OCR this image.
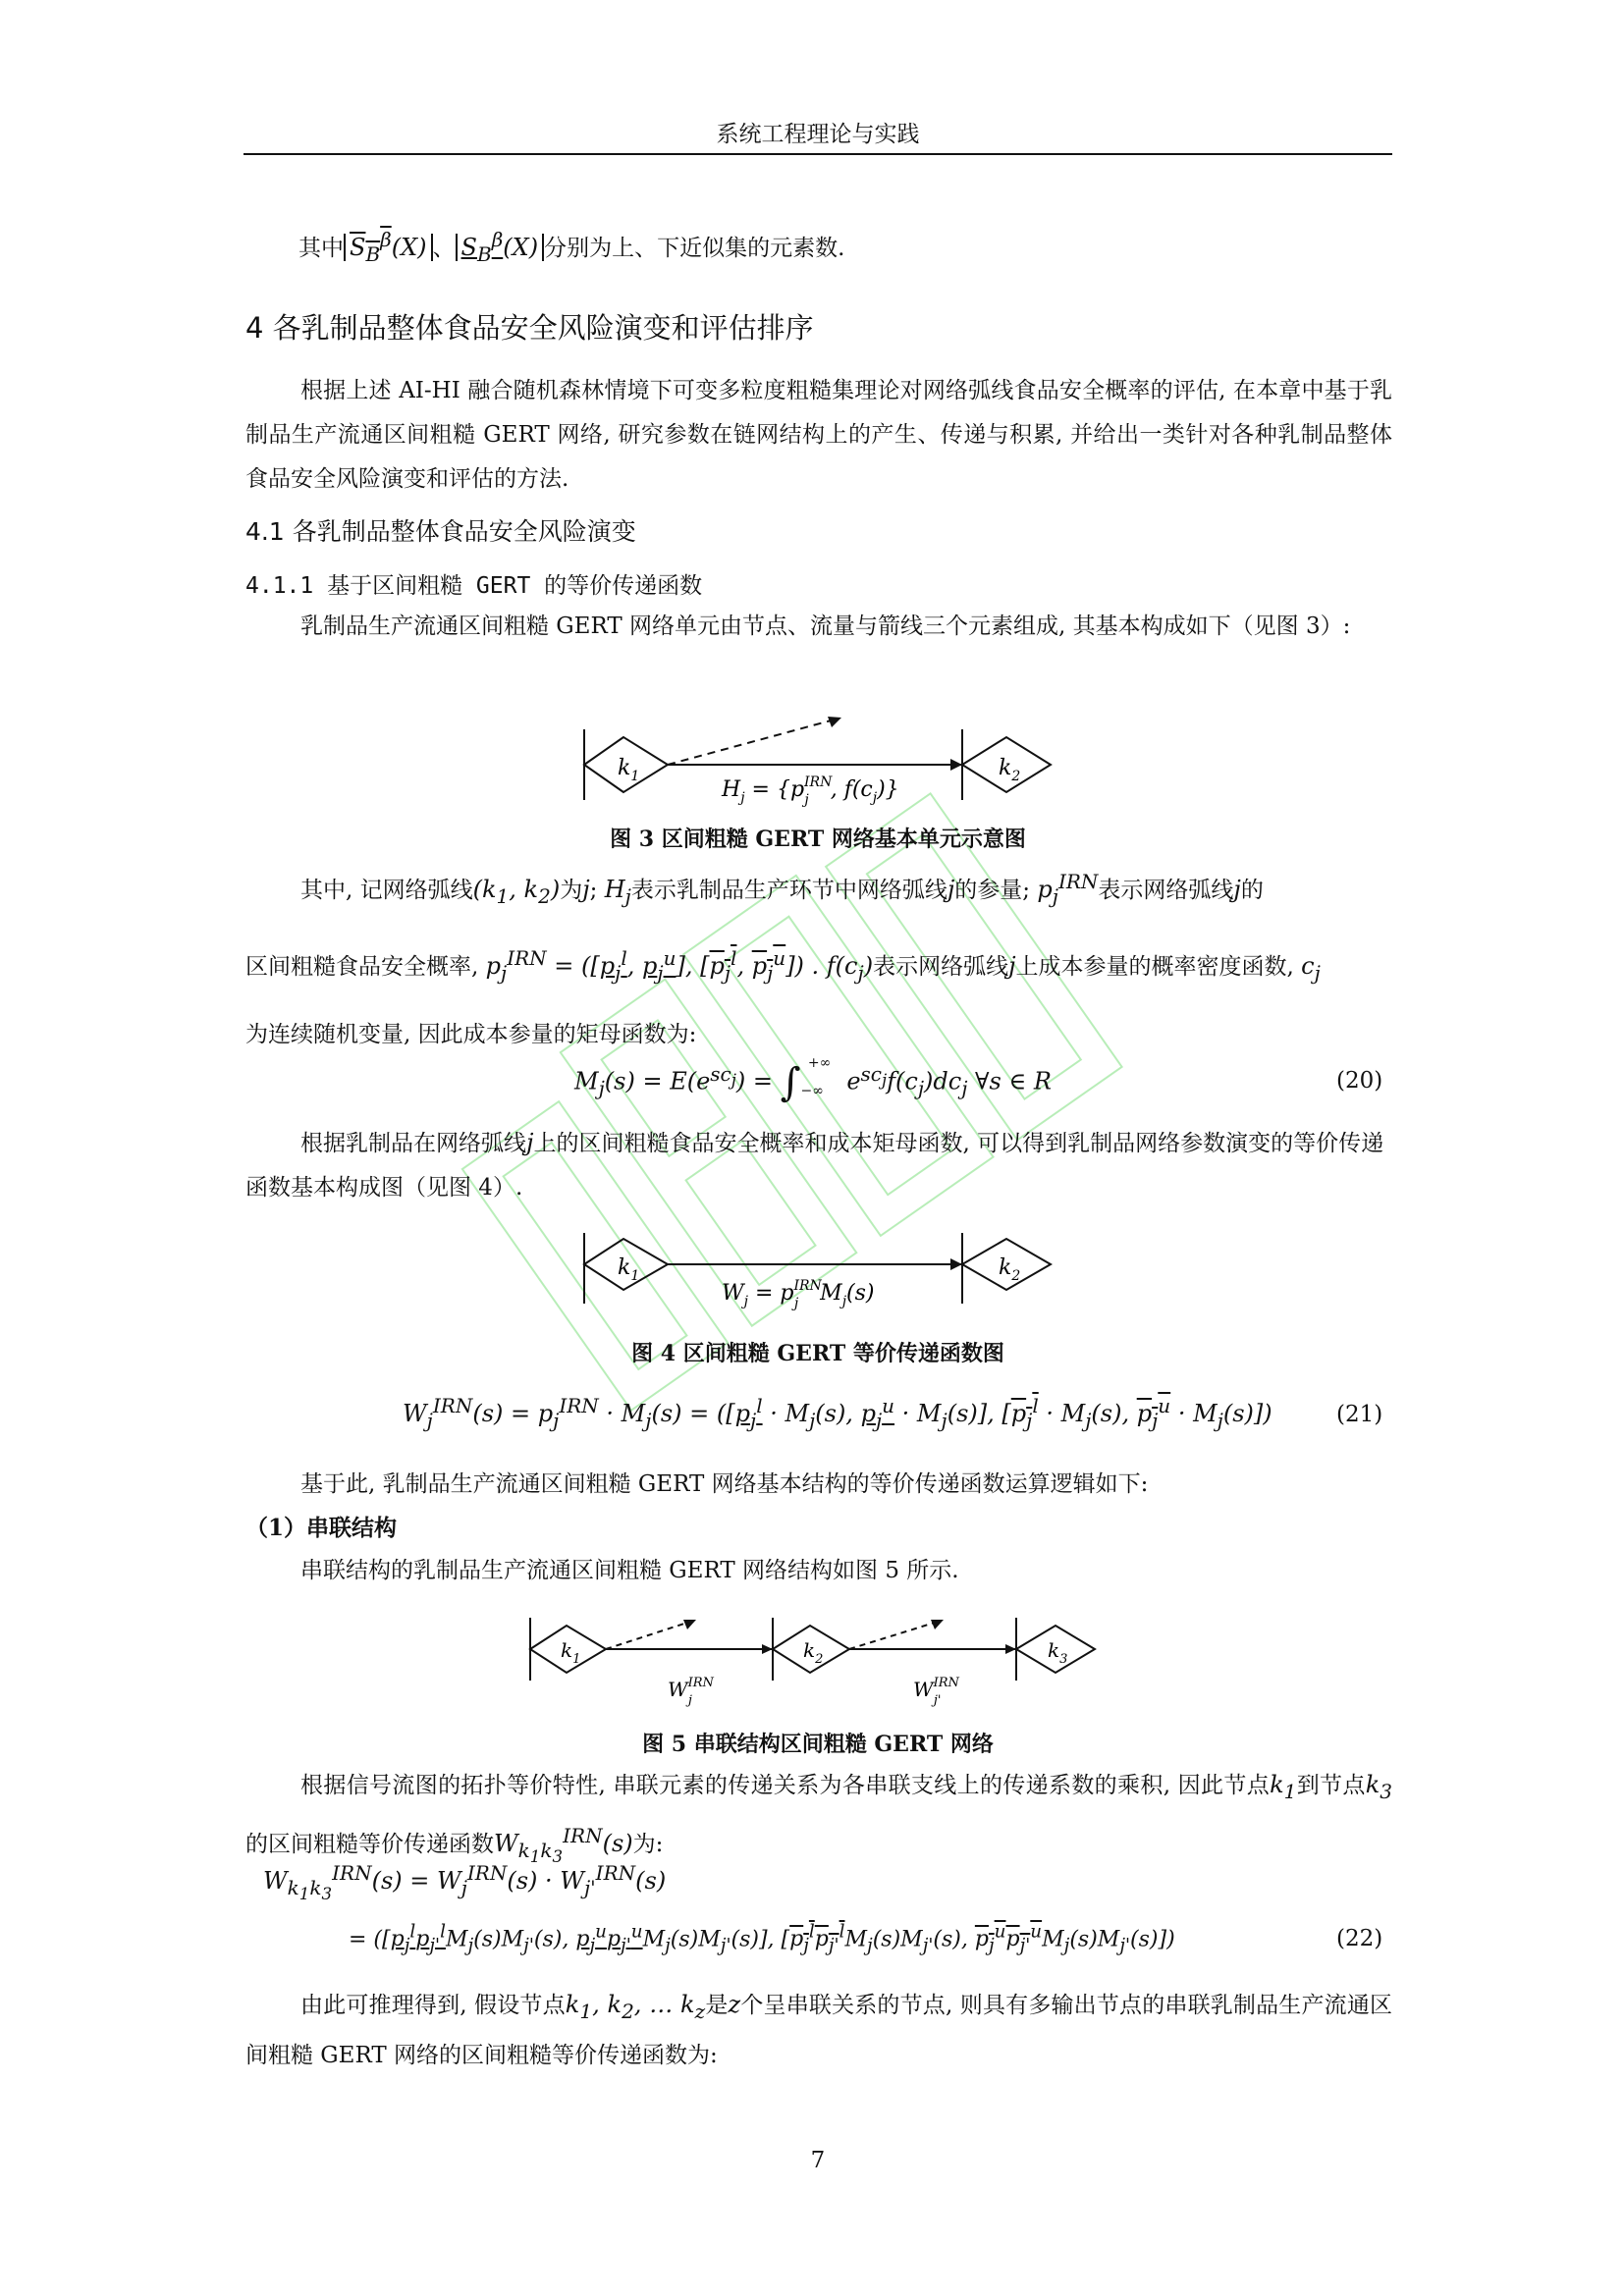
系统工程理论与实践
其中 $S_B^\beta(X)$ 、 $S_B^\beta(X)$ 分别为上、下近似集的元素数.
4 各乳制品整体食品安全风险演变和评估排序
根据上述 AI-HI 融合随机森林情境下可变多粒度粗糙集理论对网络弧线食品安全概率的评估, 在本章中基于乳制品生产流通区间粗糙 GERT 网络, 研究参数在链网结构上的产生、传递与积累, 并给出一类针对各种乳制品整体食品安全风险演变和评估的方法.
4.1 各乳制品整体食品安全风险演变
4.1.1 基于区间粗糙 GERT 的等价传递函数
乳制品生产流通区间粗糙 GERT 网络单元由节点、流量与箭线三个元素组成, 其基本构成如下（见图 3）:
$k_1$	$k_2$
$H_j = \{p^{IRN}$ j , $f(c_j)$}
图 3 区间粗糙 GERT 网络基本单元示意图
其中, 记网络弧线($k_1$, $k_2$)为j; $H_j$表示乳制品生产环节中网络弧线j的参量; $p_j^{IRN}$表示网络弧线j的
区间粗糙食品安全概率, $p_j^{IRN} = ([p_j^l$, $p_j^u$], [$p_j^l$, $p_j^u$]) . $f(c_j)$表示网络弧线j上成本参量的概率密度函数, $c_j$
为连续随机变量, 因此成本参量的矩母函数为:
$M_j(s) = E(e^{sc_j}) = \int_{-\infty}^{+\infty}e^{sc_j}f(c_j)dc_j$ ∀s ∈ R	(20)
根据乳制品在网络弧线j上的区间粗糙食品安全概率和成本矩母函数, 可以得到乳制品网络参数演变的等价传递函数基本构成图（见图 4）.
$k_1$	$k_2$
$W_j = p^{IRN}$ j $M_j(s)$
图 4 区间粗糙 GERT 等价传递函数图
$W_j^{IRN}(s) = p_j^{IRN} \cdot M_j(s) = ([p_j^l \cdot M_j(s)$, $p_j^u \cdot M_j(s)$], [$p_j^l \cdot M_j(s)$, $p_j^u \cdot M_j(s)$])	(21)
基于此, 乳制品生产流通区间粗糙 GERT 网络基本结构的等价传递函数运算逻辑如下:
（1）串联结构
串联结构的乳制品生产流通区间粗糙 GERT 网络结构如图 5 所示.
$k_1$
$W^{IRN}$ j
$k_2$
$W^{IRN}$ j'
$k_3$
图 5 串联结构区间粗糙 GERT 网络
根据信号流图的拓扑等价特性, 串联元素的传递关系为各串联支线上的传递系数的乘积, 因此节点$k_1$到节点$k_3$的区间粗糙等价传递函数$W_{k_1k_3}^{IRN}(s)$为:
$W_{k_1k_3}^{IRN}(s) = W_j^{IRN}(s) \cdot W_{j'}^{IRN}(s)$
= ([$p_j^lp_{j'}^lM_j(s)M_{j'}(s)$, $p_j^up_{j'}^uM_j(s)M_{j'}(s)$], [$p_j^lp_{j'}^lM_j(s)M_{j'}(s)$, $p_j^up_{j'}^uM_j(s)M_{j'}(s)$])	(22)
由此可推理得到, 假设节点$k_1$, $k_2$, … $k_z$是z个呈串联关系的节点, 则具有多输出节点的串联乳制品生产流通区间粗糙 GERT 网络的区间粗糙等价传递函数为:
7
